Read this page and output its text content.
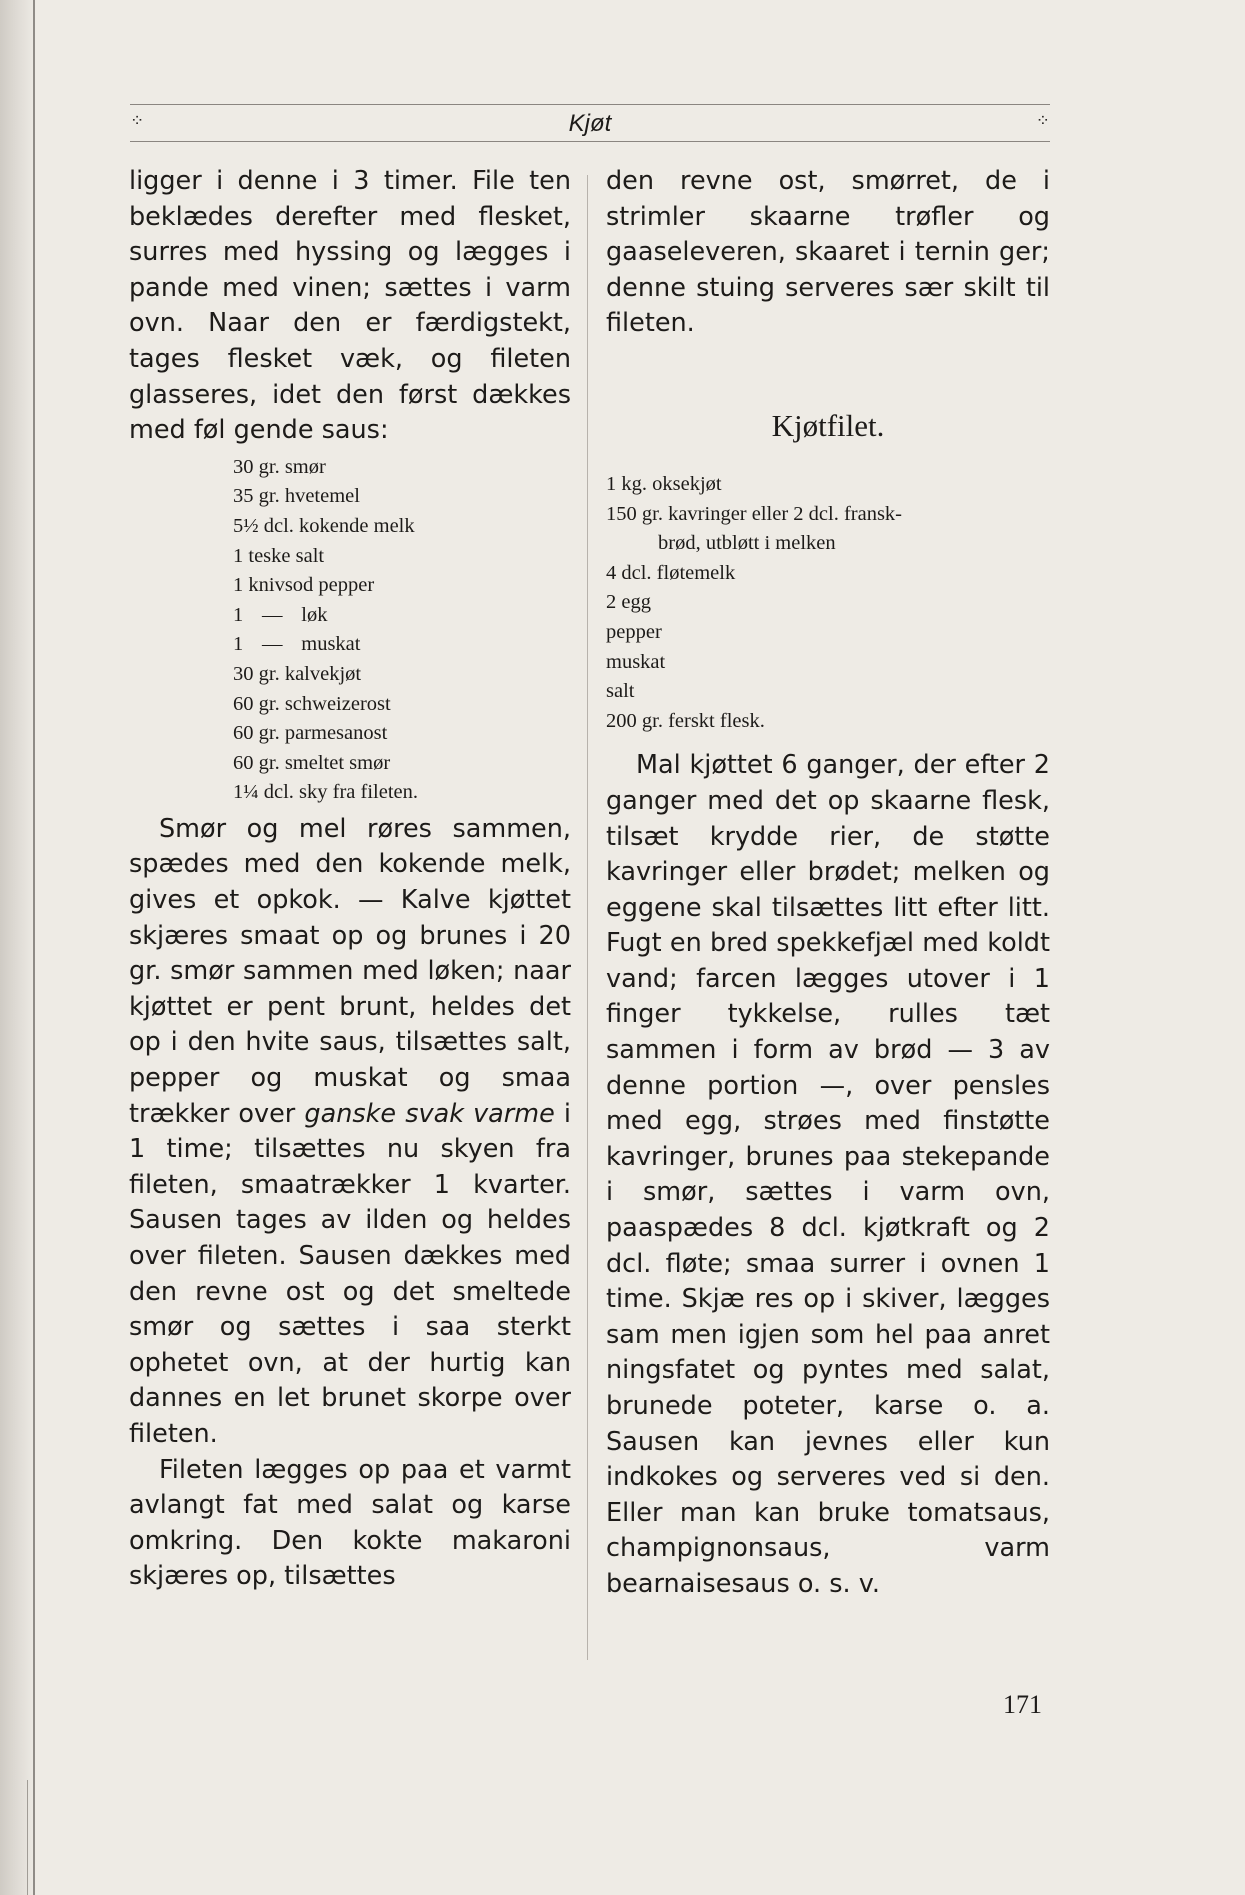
⁘	Kjøt	⁘

ligger i denne i 3 timer. File ten beklædes derefter med flesket, surres med hyssing og lægges i pande med vinen; sættes i varm ovn. Naar den er færdigstekt, tages flesket væk, og fileten glasseres, idet den først dækkes med føl gende saus:

30 gr. smør
35 gr. hvetemel
5½ dcl. kokende melk
1 teske salt
1 knivsod pepper
1 — løk
1 — muskat
30 gr. kalvekjøt
60 gr. schweizerost
60 gr. parmesanost
60 gr. smeltet smør
1¼ dcl. sky fra fileten.

Smør og mel røres sammen, spædes med den kokende melk, gives et opkok. — Kalve kjøttet skjæres smaat op og brunes i 20 gr. smør sammen med løken; naar kjøttet er pent brunt, heldes det op i den hvite saus, tilsættes salt, pepper og muskat og smaa trækker over ganske svak varme i 1 time; tilsættes nu skyen fra fileten, smaatrækker 1 kvarter. Sausen tages av ilden og heldes over fileten. Sausen dækkes med den revne ost og det smeltede smør og sættes i saa sterkt ophetet ovn, at der hurtig kan dannes en let brunet skorpe over fileten.

Fileten lægges op paa et varmt avlangt fat med salat og karse omkring. Den kokte makaroni skjæres op, tilsættes

den revne ost, smørret, de i strimler skaarne trøfler og gaaseleveren, skaaret i ternin ger; denne stuing serveres sær skilt til fileten.

Kjøtfilet.
1 kg. oksekjøt
150 gr. kavringer eller 2 dcl. fransk-
brød, utbløtt i melken
4 dcl. fløtemelk
2 egg
pepper
muskat
salt
200 gr. ferskt flesk.

Mal kjøttet 6 ganger, der efter 2 ganger med det op skaarne flesk, tilsæt krydde rier, de støtte kavringer eller brødet; melken og eggene skal tilsættes litt efter litt. Fugt en bred spekkefjæl med koldt vand; farcen lægges utover i 1 finger tykkelse, rulles tæt sammen i form av brød — 3 av denne portion —, over pensles med egg, strøes med finstøtte kavringer, brunes paa stekepande i smør, sættes i varm ovn, paaspædes 8 dcl. kjøtkraft og 2 dcl. fløte; smaa surrer i ovnen 1 time. Skjæ res op i skiver, lægges sam men igjen som hel paa anret ningsfatet og pyntes med salat, brunede poteter, karse o. a. Sausen kan jevnes eller kun indkokes og serveres ved si den. Eller man kan bruke tomatsaus, champignonsaus, varm bearnaisesaus o. s. v.

171
